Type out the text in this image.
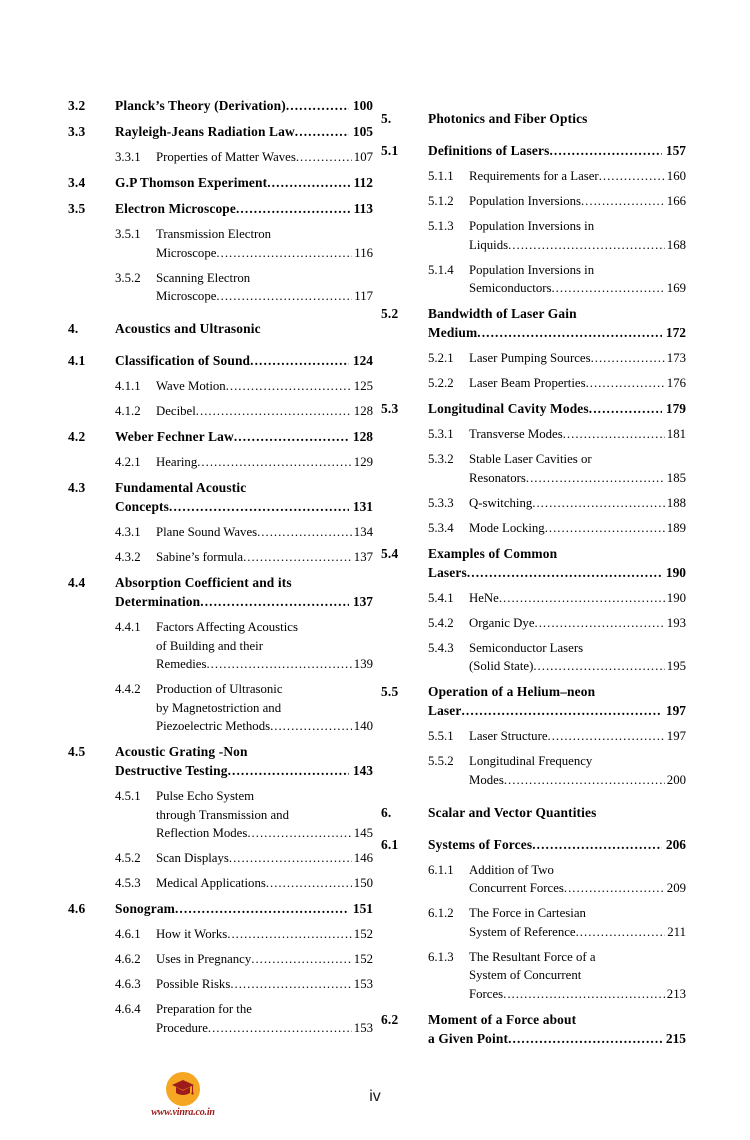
3.2	Planck’s Theory (Derivation) .....	100
3.3	Rayleigh-Jeans Radiation Law .....	105
3.3.1	Properties of Matter Waves .....	107
3.4	G.P Thomson Experiment .....	112
3.5	Electron Microscope .....	113
3.5.1	Transmission Electron
Microscope .....	116
3.5.2	Scanning Electron
Microscope .....	117
4.	Acoustics and Ultrasonic
4.1	Classification of Sound .....	124
4.1.1	Wave Motion .....	125
4.1.2	Decibel .....	128
4.2	Weber Fechner Law .....	128
4.2.1	Hearing .....	129
4.3	Fundamental Acoustic
Concepts .....	131
4.3.1	Plane Sound Waves .....	134
4.3.2	Sabine’s formula .....	137
4.4	Absorption Coefficient and its
Determination .....	137
4.4.1	Factors Affecting Acoustics
of Building and their
Remedies .....	139
4.4.2	Production of Ultrasonic
by Magnetostriction and
Piezoelectric Methods .....	140
4.5	Acoustic Grating -Non
Destructive Testing .....	143
4.5.1	Pulse Echo System
through Transmission and
Reflection Modes .....	145
4.5.2	Scan Displays .....	146
4.5.3	Medical Applications .....	150
4.6	Sonogram .....	151
4.6.1	How it Works .....	152
4.6.2	Uses in Pregnancy .....	152
4.6.3	Possible Risks .....	153
4.6.4	Preparation for the
Procedure .....	153
5.	Photonics and Fiber Optics
5.1	Definitions of Lasers .....	157
5.1.1	Requirements for a Laser .....	160
5.1.2	Population Inversions .....	166
5.1.3	Population Inversions in
Liquids .....	168
5.1.4	Population Inversions in
Semiconductors .....	169
5.2	Bandwidth of Laser Gain
Medium .....	172
5.2.1	Laser Pumping Sources .....	173
5.2.2	Laser Beam Properties .....	176
5.3	Longitudinal Cavity Modes .....	179
5.3.1	Transverse Modes .....	181
5.3.2	Stable Laser Cavities or
Resonators .....	185
5.3.3	Q-switching .....	188
5.3.4	Mode Locking .....	189
5.4	Examples of Common
Lasers .....	190
5.4.1	HeNe .....	190
5.4.2	Organic Dye .....	193
5.4.3	Semiconductor Lasers
(Solid State) .....	195
5.5	Operation of a Helium–neon
Laser .....	197
5.5.1	Laser Structure .....	197
5.5.2	Longitudinal Frequency
Modes .....	200
6.	Scalar and Vector Quantities
6.1	Systems of Forces .....	206
6.1.1	Addition of Two
Concurrent Forces .....	209
6.1.2	The Force in Cartesian
System of Reference .....	211
6.1.3	The Resultant Force of a
System of Concurrent
Forces .....	213
6.2	Moment of a Force about
a Given Point .....	215
www.vinra.co.in
iv
